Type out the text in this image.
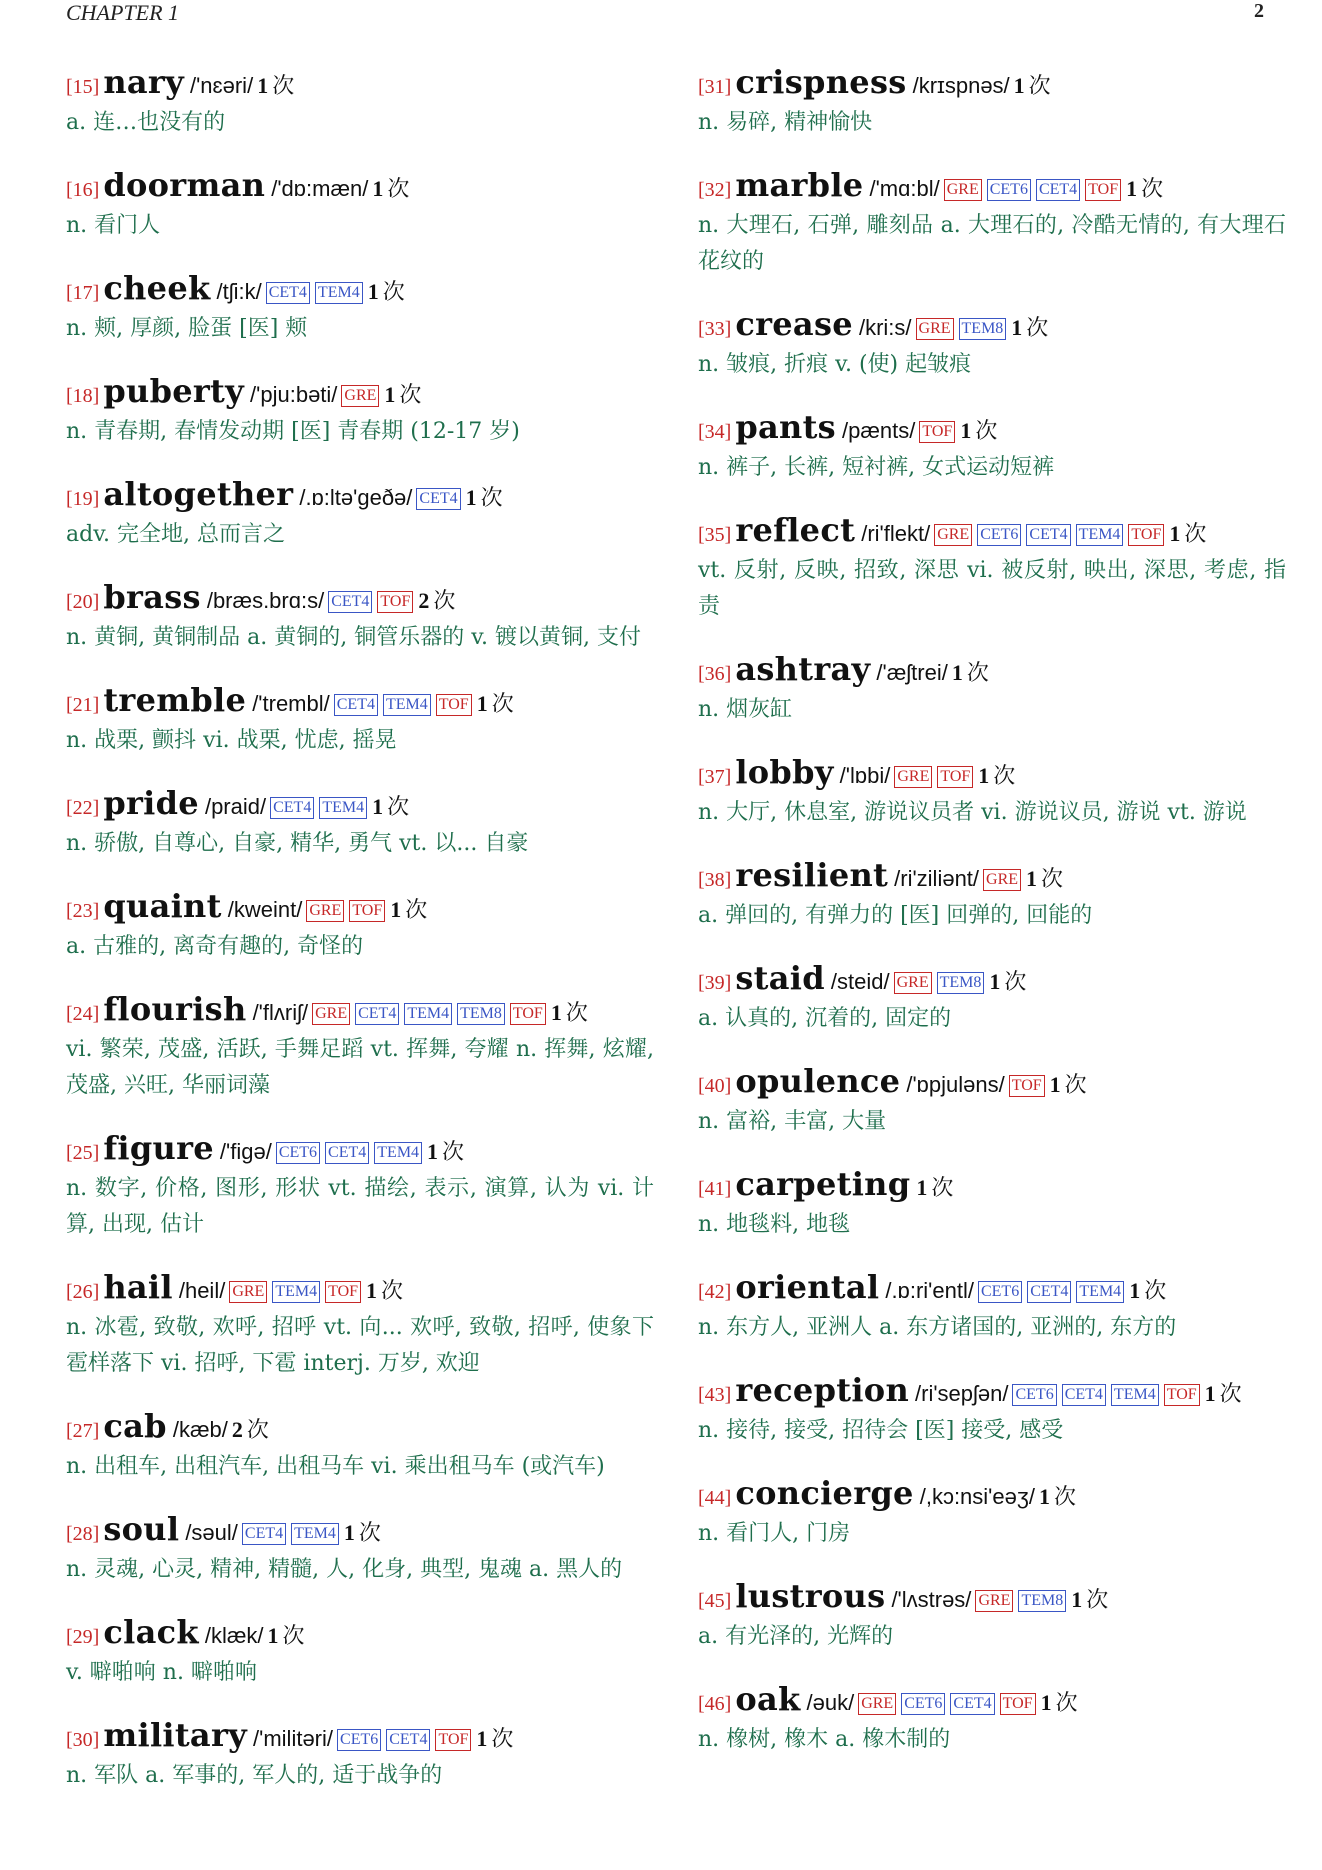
CHAPTER 1	2
[15] nary /'nɛəri/ 1 次
a. 连…也没有的
[16] doorman /'dɒ:mæn/ 1 次
n. 看门人
[17] cheek /tʃi:k/ CET4 TEM4 1 次
n. 颊, 厚颜, 脸蛋 [医] 颊
[18] puberty /'pju:bəti/ GRE 1 次
n. 青春期, 春情发动期 [医] 青春期 (12-17 岁)
[19] altogether /.ɒ:ltə'geðə/ CET4 1 次
adv. 完全地, 总而言之
[20] brass /bræs.brɑ:s/ CET4 TOF 2 次
n. 黄铜, 黄铜制品 a. 黄铜的, 铜管乐器的 v. 镀以黄铜, 支付
[21] tremble /'trembl/ CET4 TEM4 TOF 1 次
n. 战栗, 颤抖 vi. 战栗, 忧虑, 摇晃
[22] pride /praid/ CET4 TEM4 1 次
n. 骄傲, 自尊心, 自豪, 精华, 勇气 vt. 以... 自豪
[23] quaint /kweint/ GRE TOF 1 次
a. 古雅的, 离奇有趣的, 奇怪的
[24] flourish /'flʌriʃ/ GRE CET4 TEM4 TEM8 TOF 1 次
vi. 繁荣, 茂盛, 活跃, 手舞足蹈 vt. 挥舞, 夸耀 n. 挥舞, 炫耀, 茂盛, 兴旺, 华丽词藻
[25] figure /'figə/ CET6 CET4 TEM4 1 次
n. 数字, 价格, 图形, 形状 vt. 描绘, 表示, 演算, 认为 vi. 计算, 出现, 估计
[26] hail /heil/ GRE TEM4 TOF 1 次
n. 冰雹, 致敬, 欢呼, 招呼 vt. 向... 欢呼, 致敬, 招呼, 使象下雹样落下 vi. 招呼, 下雹 interj. 万岁, 欢迎
[27] cab /kæb/ 2 次
n. 出租车, 出租汽车, 出租马车 vi. 乘出租马车 (或汽车)
[28] soul /səul/ CET4 TEM4 1 次
n. 灵魂, 心灵, 精神, 精髓, 人, 化身, 典型, 鬼魂 a. 黑人的
[29] clack /klæk/ 1 次
v. 噼啪响 n. 噼啪响
[30] military /'militəri/ CET6 CET4 TOF 1 次
n. 军队 a. 军事的, 军人的, 适于战争的
[31] crispness /krɪspnəs/ 1 次
n. 易碎, 精神愉快
[32] marble /'mɑ:bl/ GRE CET6 CET4 TOF 1 次
n. 大理石, 石弹, 雕刻品 a. 大理石的, 冷酷无情的, 有大理石花纹的
[33] crease /kri:s/ GRE TEM8 1 次
n. 皱痕, 折痕 v. (使) 起皱痕
[34] pants /pænts/ TOF 1 次
n. 裤子, 长裤, 短衬裤, 女式运动短裤
[35] reflect /ri'flekt/ GRE CET6 CET4 TEM4 TOF 1 次
vt. 反射, 反映, 招致, 深思 vi. 被反射, 映出, 深思, 考虑, 指责
[36] ashtray /'æʃtrei/ 1 次
n. 烟灰缸
[37] lobby /'lɒbi/ GRE TOF 1 次
n. 大厅, 休息室, 游说议员者 vi. 游说议员, 游说 vt. 游说
[38] resilient /ri'ziliənt/ GRE 1 次
a. 弹回的, 有弹力的 [医] 回弹的, 回能的
[39] staid /steid/ GRE TEM8 1 次
a. 认真的, 沉着的, 固定的
[40] opulence /'ɒpjuləns/ TOF 1 次
n. 富裕, 丰富, 大量
[41] carpeting 1 次
n. 地毯料, 地毯
[42] oriental /.ɒ:ri'entl/ CET6 CET4 TEM4 1 次
n. 东方人, 亚洲人 a. 东方诸国的, 亚洲的, 东方的
[43] reception /ri'sepʃən/ CET6 CET4 TEM4 TOF 1 次
n. 接待, 接受, 招待会 [医] 接受, 感受
[44] concierge /,kɔ:nsi'eəʒ/ 1 次
n. 看门人, 门房
[45] lustrous /'lʌstrəs/ GRE TEM8 1 次
a. 有光泽的, 光辉的
[46] oak /əuk/ GRE CET6 CET4 TOF 1 次
n. 橡树, 橡木 a. 橡木制的
